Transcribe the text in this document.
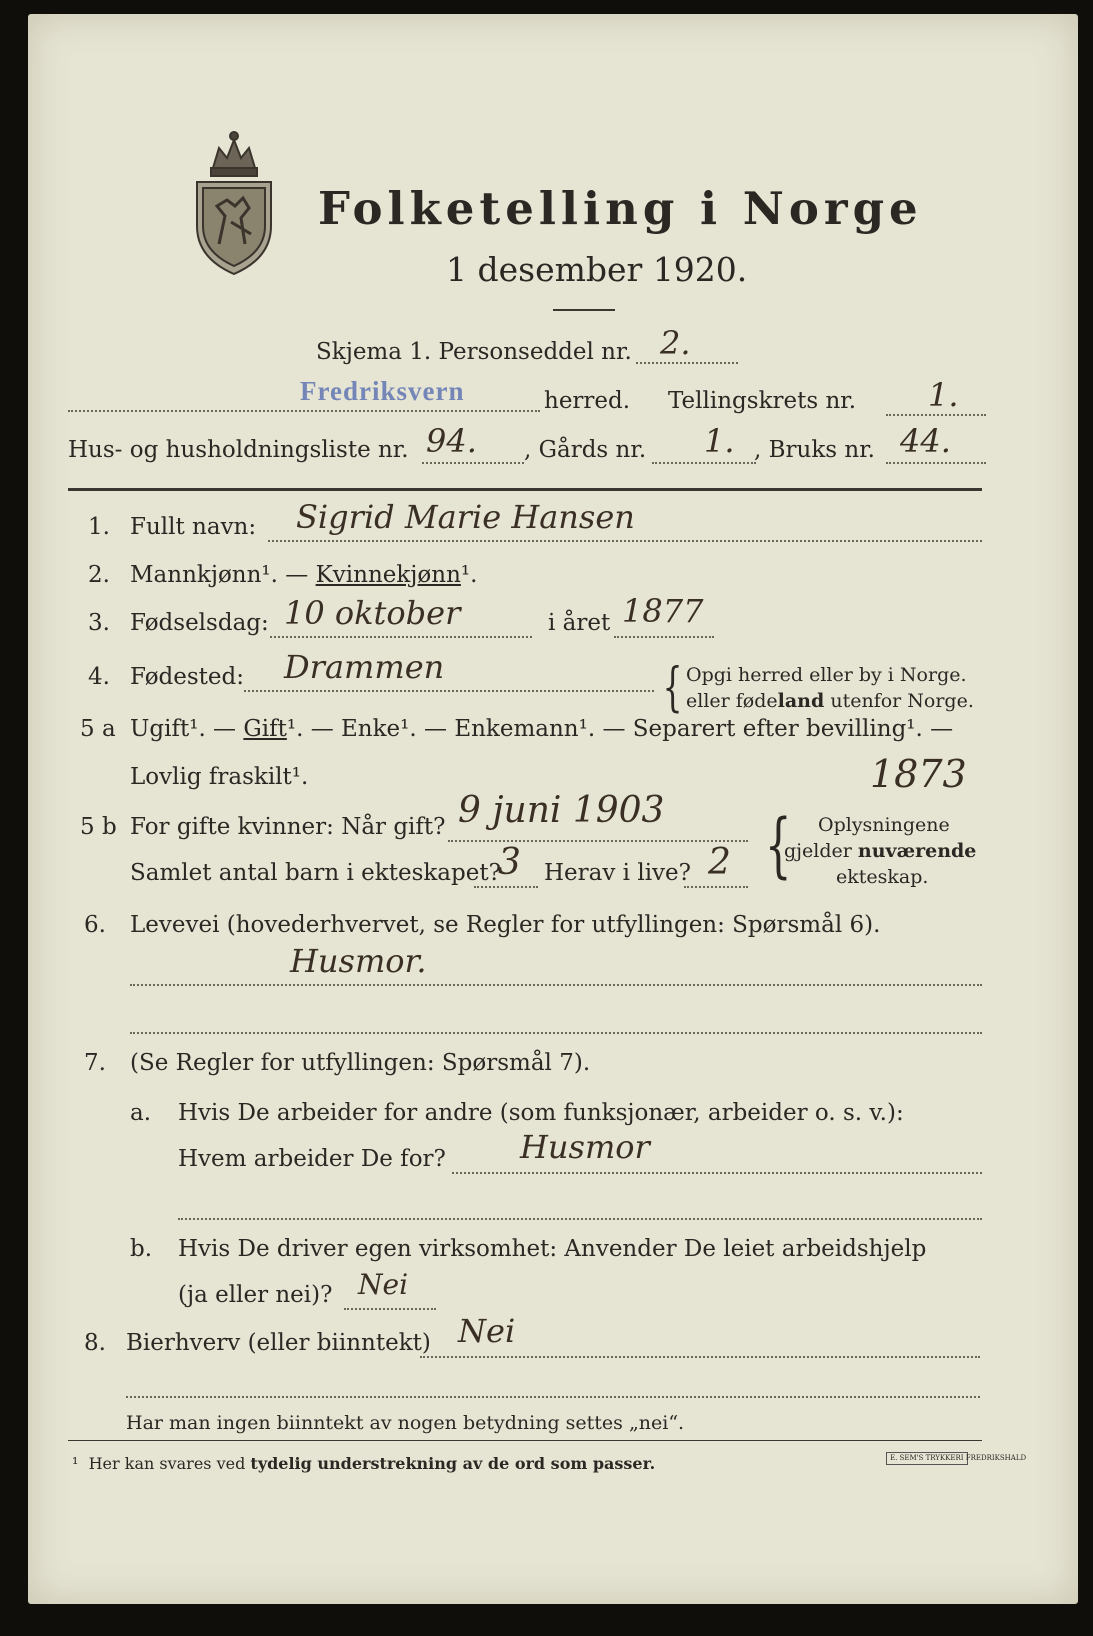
Folketelling i Norge
1 desember 1920.
Skjema 1. Personseddel nr. 2.
Fredriksvern	herred. Tellingskrets nr. 1.
Hus- og husholdningsliste nr. 94. , Gårds nr. 1. , Bruks nr. 44.
1. Fullt navn: Sigrid Marie Hansen
2. Mannkjønn¹. — Kvinnekjønn¹.
3. Fødselsdag: 10 oktober	i året 1877
4. Fødested: Drammen	{ Opgi herred eller by i Norge.
eller fødeland utenfor Norge.
5 a Ugift¹. — Gift¹. — Enke¹. — Enkemann¹. — Separert efter bevilling¹. —
Lovlig fraskilt¹.	1873
5 b For gifte kvinner: Når gift? 9 juni 1903
Samlet antal barn i ekteskapet?
3 Herav i live? 2 { Oplysningene
gjelder nuværende
ekteskap.
6. Levevei (hovederhvervet, se Regler for utfyllingen: Spørsmål 6).
Husmor.
7. (Se Regler for utfyllingen: Spørsmål 7).
a. Hvis De arbeider for andre (som funksjonær, arbeider o. s. v.):
Hvem arbeider De for? Husmor
b. Hvis De driver egen virksomhet: Anvender De leiet arbeidshjelp
(ja eller nei)? Nei
8. Bierhverv (eller biinntekt) Nei
Har man ingen biinntekt av nogen betydning settes „nei“.
¹ Her kan svares ved tydelig understrekning av de ord som passer.	E. SEM'S TRYKKERI FREDRIKSHALD
